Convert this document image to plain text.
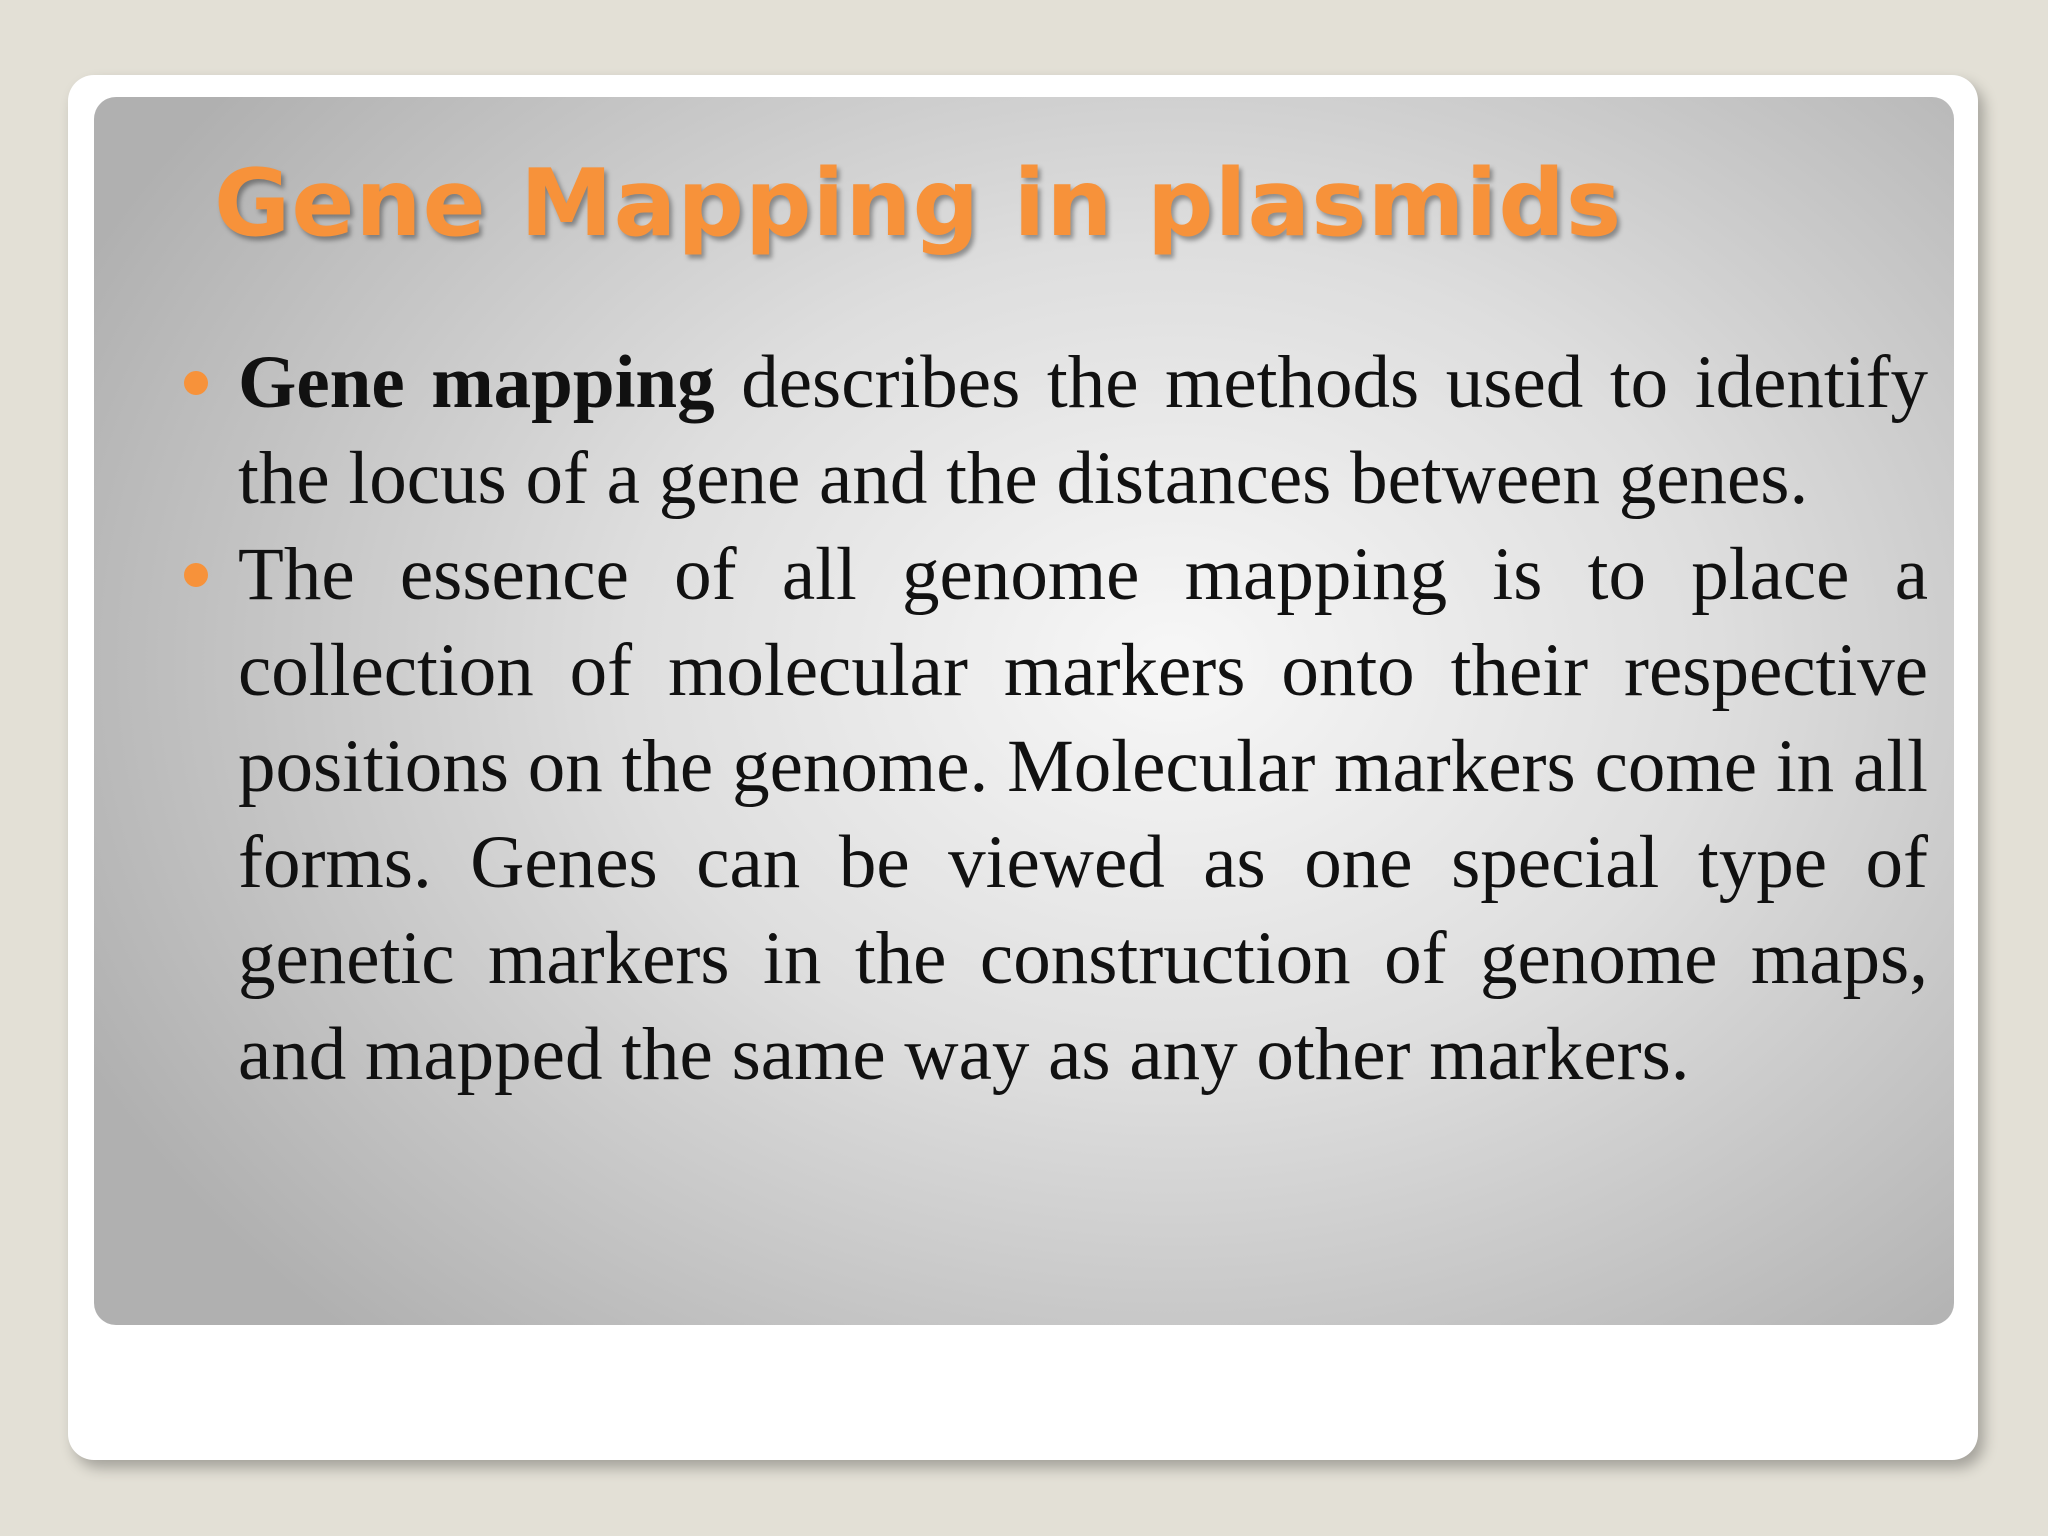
Gene Mapping in plasmids
Gene mapping describes the methods used to identify the locus of a gene and the distances between genes.
The essence of all genome mapping is to place a collection of molecular markers onto their respective positions on the genome. Molecular markers come in all forms. Genes can be viewed as one special type of genetic markers in the construction of genome maps, and mapped the same way as any other markers.
